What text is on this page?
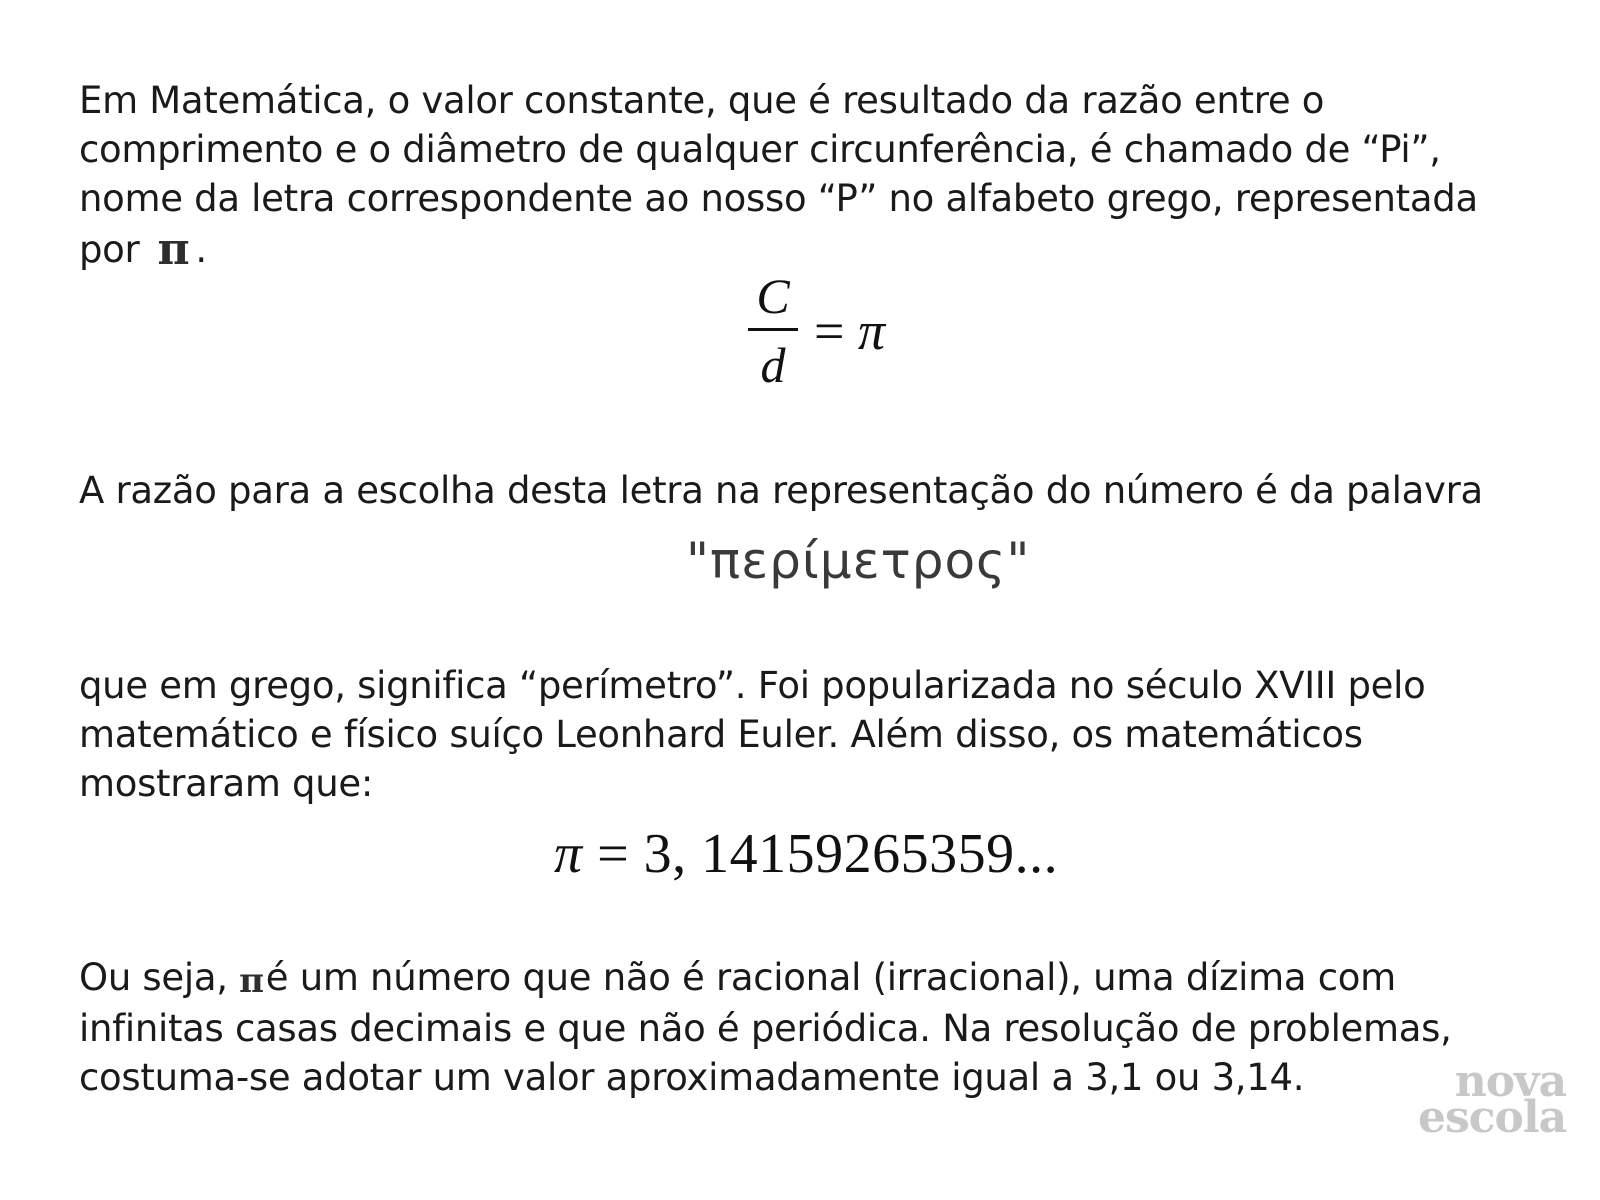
Em Matemática, o valor constante, que é resultado da razão entre o comprimento e o diâmetro de qualquer circunferência, é chamado de “Pi”, nome da letra correspondente ao nosso “P” no alfabeto grego, representada por π .

$\frac{C}{d} = \pi$

A razão para a escolha desta letra na representação do número é da palavra

"περίμετρος"

que em grego, significa “perímetro”. Foi popularizada no século XVIII pelo matemático e físico suíço Leonhard Euler. Além disso, os matemáticos mostraram que:

π = 3, 14159265359...

Ou seja, πé um número que não é racional (irracional), uma dízima com infinitas casas decimais e que não é periódica. Na resolução de problemas, costuma-se adotar um valor aproximadamente igual a 3,1 ou 3,14.	nova
escola
